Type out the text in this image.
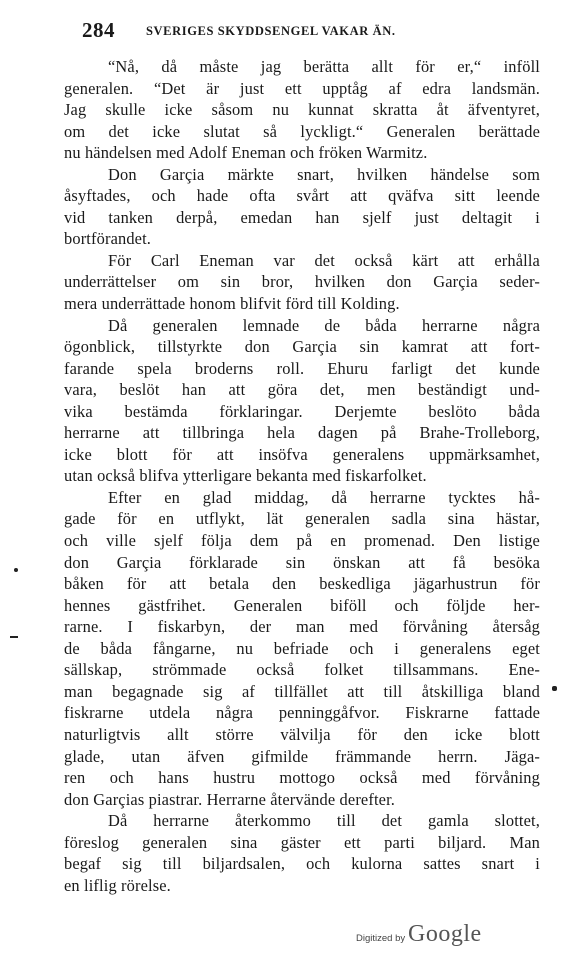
284 SVERIGES SKYDDSENGEL VAKAR ÄN.
“Nå, då måste jag berätta allt för er,“ inföll
generalen. “Det är just ett upptåg af edra landsmän.
Jag skulle icke såsom nu kunnat skratta åt äfventyret,
om det icke slutat så lyckligt.“ Generalen berättade
nu händelsen med Adolf Eneman och fröken Warmitz.
Don Garçia märkte snart, hvilken händelse som
åsyftades, och hade ofta svårt att qväfva sitt leende
vid tanken derpå, emedan han sjelf just deltagit i
bortförandet.
För Carl Eneman var det också kärt att erhålla
underrättelser om sin bror, hvilken don Garçia seder-
mera underrättade honom blifvit förd till Kolding.
Då generalen lemnade de båda herrarne några
ögonblick, tillstyrkte don Garçia sin kamrat att fort-
farande spela broderns roll. Ehuru farligt det kunde
vara, beslöt han att göra det, men beständigt und-
vika bestämda förklaringar. Derjemte beslöto båda
herrarne att tillbringa hela dagen på Brahe-Trolleborg,
icke blott för att insöfva generalens uppmärksamhet,
utan också blifva ytterligare bekanta med fiskarfolket.
Efter en glad middag, då herrarne tycktes hå-
gade för en utflykt, lät generalen sadla sina hästar,
och ville sjelf följa dem på en promenad. Den listige
don Garçia förklarade sin önskan att få besöka
båken för att betala den beskedliga jägarhustrun för
hennes gästfrihet. Generalen biföll och följde her-
rarne. I fiskarbyn, der man med förvåning återsåg
de båda fångarne, nu befriade och i generalens eget
sällskap, strömmade också folket tillsammans. Ene-
man begagnade sig af tillfället att till åtskilliga bland
fiskrarne utdela några penninggåfvor. Fiskrarne fattade
naturligtvis allt större välvilja för den icke blott
glade, utan äfven gifmilde främmande herrn. Jäga-
ren och hans hustru mottogo också med förvåning
don Garçias piastrar. Herrarne återvände derefter.
Då herrarne återkommo till det gamla slottet,
föreslog generalen sina gäster ett parti biljard. Man
begaf sig till biljardsalen, och kulorna sattes snart i
en liflig rörelse.
Digitized by Google
